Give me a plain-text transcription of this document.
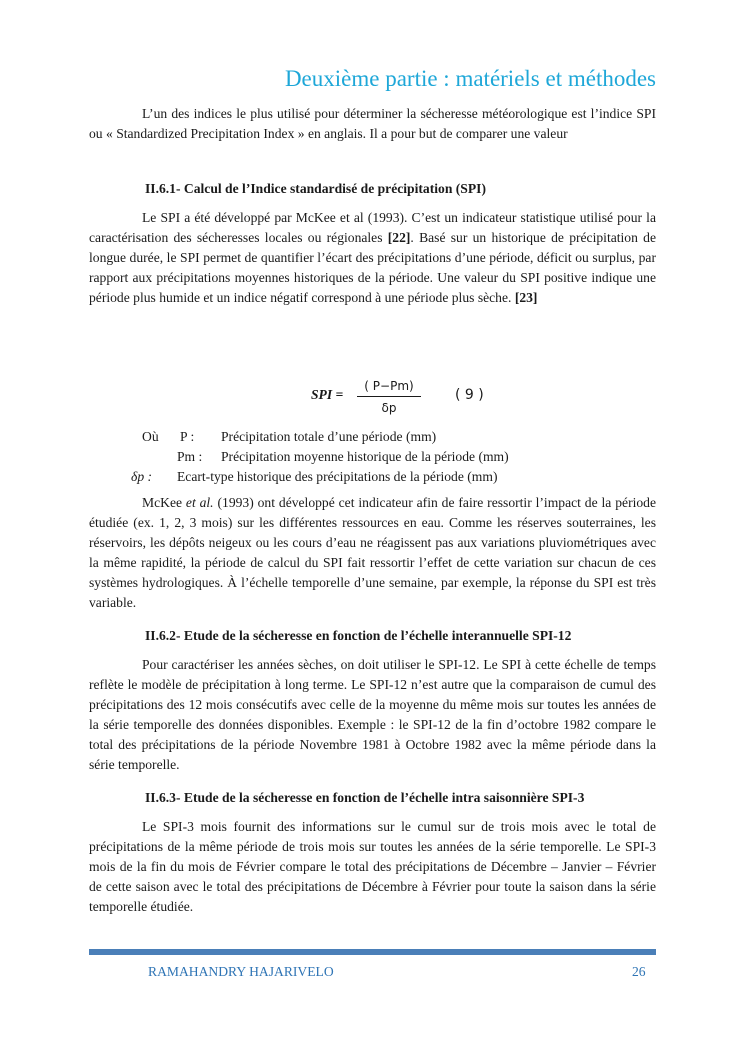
Deuxième partie : matériels et méthodes

L’un des indices le plus utilisé pour déterminer la sécheresse météorologique est l’indice SPI ou « Standardized Precipitation Index » en anglais. Il a pour but de comparer une valeur

II.6.1- Calcul de l’Indice standardisé de précipitation (SPI)

Le SPI a été développé par McKee et al (1993). C’est un indicateur statistique utilisé pour la caractérisation des sécheresses locales ou régionales [22]. Basé sur un historique de précipitation de longue durée, le SPI permet de quantifier l’écart des précipitations d’une période, déficit ou surplus, par rapport aux précipitations moyennes historiques de la période. Une valeur du SPI positive indique une période plus humide et un indice négatif correspond à une période plus sèche. [23]

SPI =
( P−Pm)
δp
( 9 )
Où P : Précipitation totale d’une période (mm)
Pm : Précipitation moyenne historique de la période (mm)
δp : Ecart-type historique des précipitations de la période (mm)

McKee et al. (1993) ont développé cet indicateur afin de faire ressortir l’impact de la période étudiée (ex. 1, 2, 3 mois) sur les différentes ressources en eau. Comme les réserves souterraines, les réservoirs, les dépôts neigeux ou les cours d’eau ne réagissent pas aux variations pluviométriques avec la même rapidité, la période de calcul du SPI fait ressortir l’effet de cette variation sur chacun de ces systèmes hydrologiques. À l’échelle temporelle d’une semaine, par exemple, la réponse du SPI est très variable.

II.6.2- Etude de la sécheresse en fonction de l’échelle interannuelle SPI-12

Pour caractériser les années sèches, on doit utiliser le SPI-12. Le SPI à cette échelle de temps reflète le modèle de précipitation à long terme. Le SPI-12 n’est autre que la comparaison de cumul des précipitations des 12 mois consécutifs avec celle de la moyenne du même mois sur toutes les années de la série temporelle des données disponibles. Exemple : le SPI-12 de la fin d’octobre 1982 compare le total des précipitations de la période Novembre 1981 à Octobre 1982 avec la même période dans la série temporelle.

II.6.3- Etude de la sécheresse en fonction de l’échelle intra saisonnière SPI-3

Le SPI-3 mois fournit des informations sur le cumul sur de trois mois avec le total de précipitations de la même période de trois mois sur toutes les années de la série temporelle. Le SPI-3 mois de la fin du mois de Février compare le total des précipitations de Décembre – Janvier – Février de cette saison avec le total des précipitations de Décembre à Février pour toute la saison dans la série temporelle étudiée.

RAMAHANDRY HAJARIVELO	26
